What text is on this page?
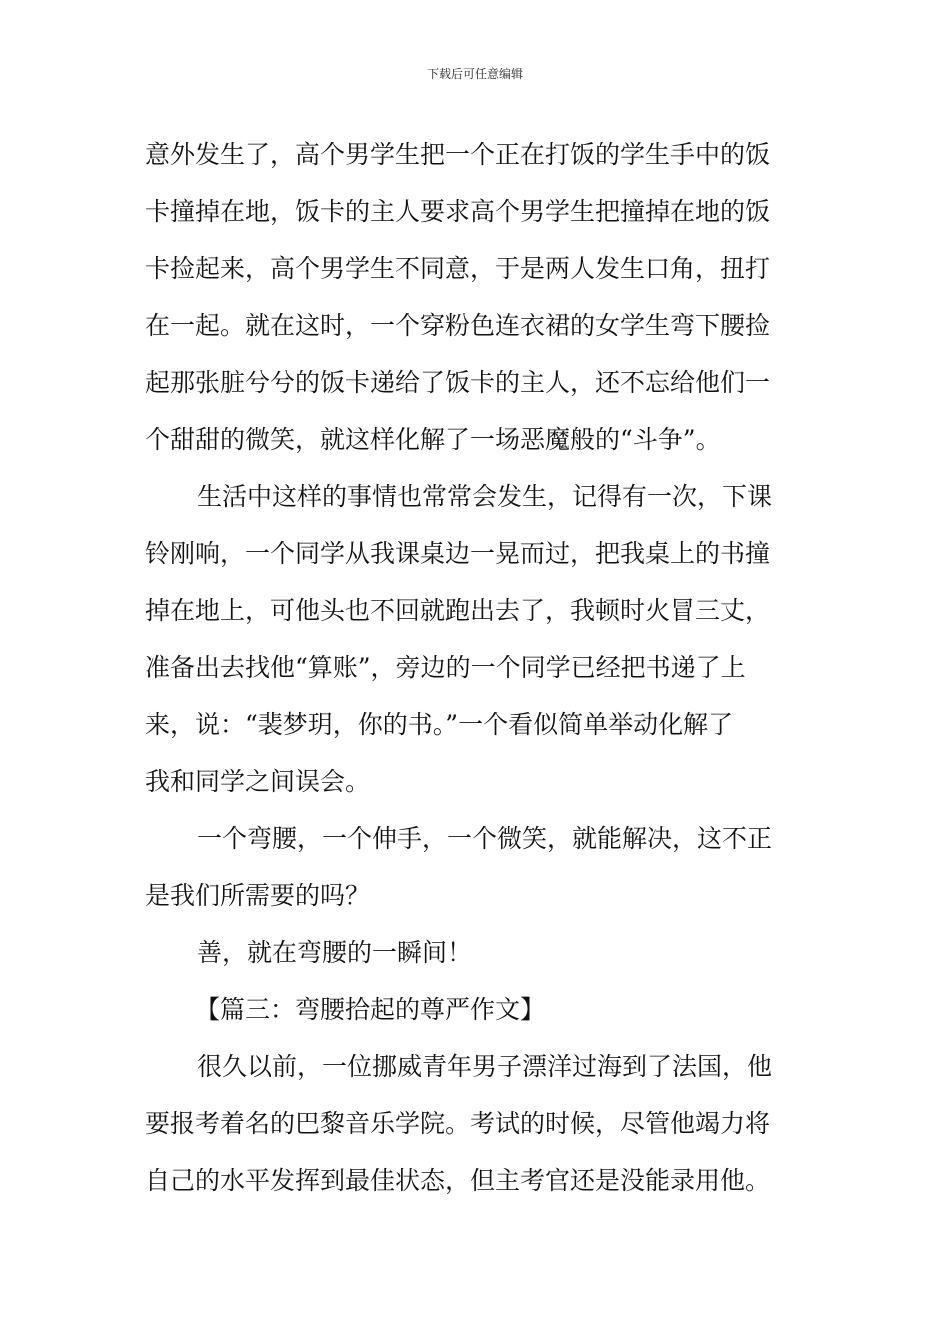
下载后可任意编辑
意外发生了，高个男学生把一个正在打饭的学生手中的饭
卡撞掉在地，饭卡的主人要求高个男学生把撞掉在地的饭
卡捡起来，高个男学生不同意，于是两人发生口角，扭打
在一起。就在这时，一个穿粉色连衣裙的女学生弯下腰捡
起那张脏兮兮的饭卡递给了饭卡的主人，还不忘给他们一
个甜甜的微笑，就这样化解了一场恶魔般的“斗争”。
生活中这样的事情也常常会发生，记得有一次，下课
铃刚响，一个同学从我课桌边一晃而过，把我桌上的书撞
掉在地上，可他头也不回就跑出去了，我顿时火冒三丈，
准备出去找他“算账”，旁边的一个同学已经把书递了上
来，说：“裴梦玥，你的书。”一个看似简单举动化解了
我和同学之间误会。
一个弯腰，一个伸手，一个微笑，就能解决，这不正
是我们所需要的吗？
善，就在弯腰的一瞬间！
【篇三：弯腰拾起的尊严作文】
很久以前，一位挪威青年男子漂洋过海到了法国，他
要报考着名的巴黎音乐学院。考试的时候，尽管他竭力将
自己的水平发挥到最佳状态，但主考官还是没能录用他。
